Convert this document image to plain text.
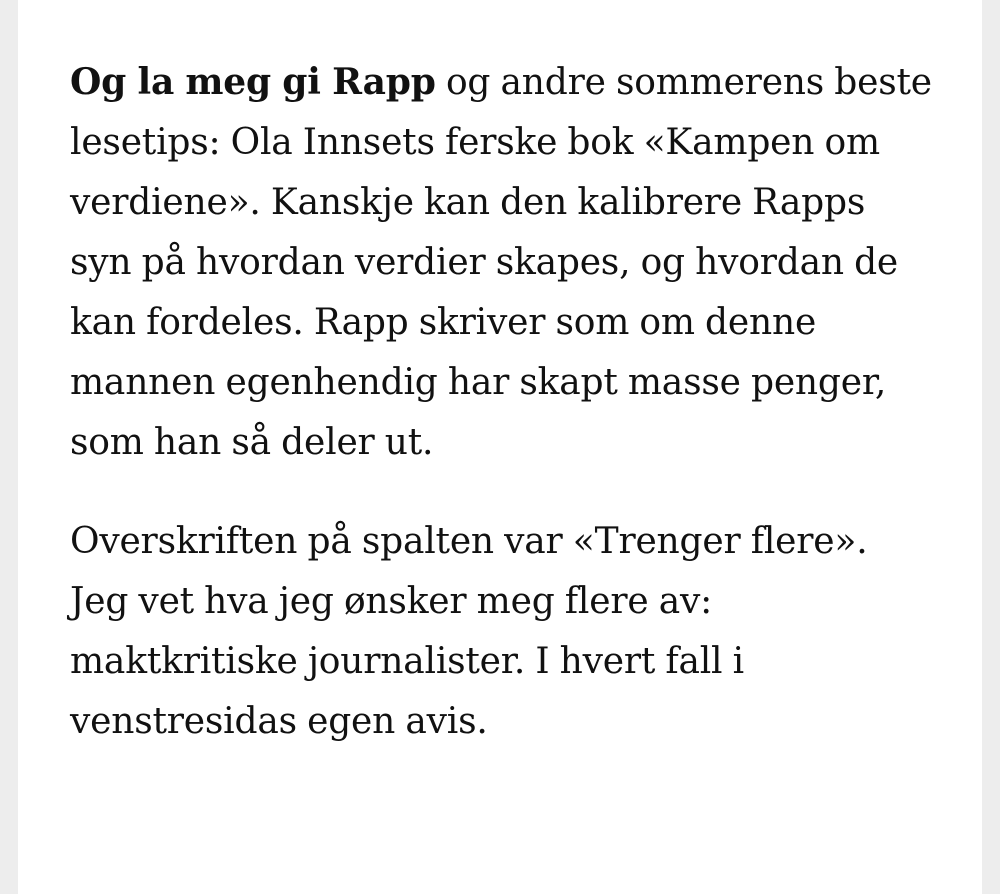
Og la meg gi Rapp og andre sommerens beste lesetips: Ola Innsets ferske bok «Kampen om verdiene». Kanskje kan den kalibrere Rapps syn på hvordan verdier skapes, og hvordan de kan fordeles. Rapp skriver som om denne mannen egenhendig har skapt masse penger, som han så deler ut.

Overskriften på spalten var «Trenger flere». Jeg vet hva jeg ønsker meg flere av: maktkritiske journalister. I hvert fall i venstresidas egen avis.
